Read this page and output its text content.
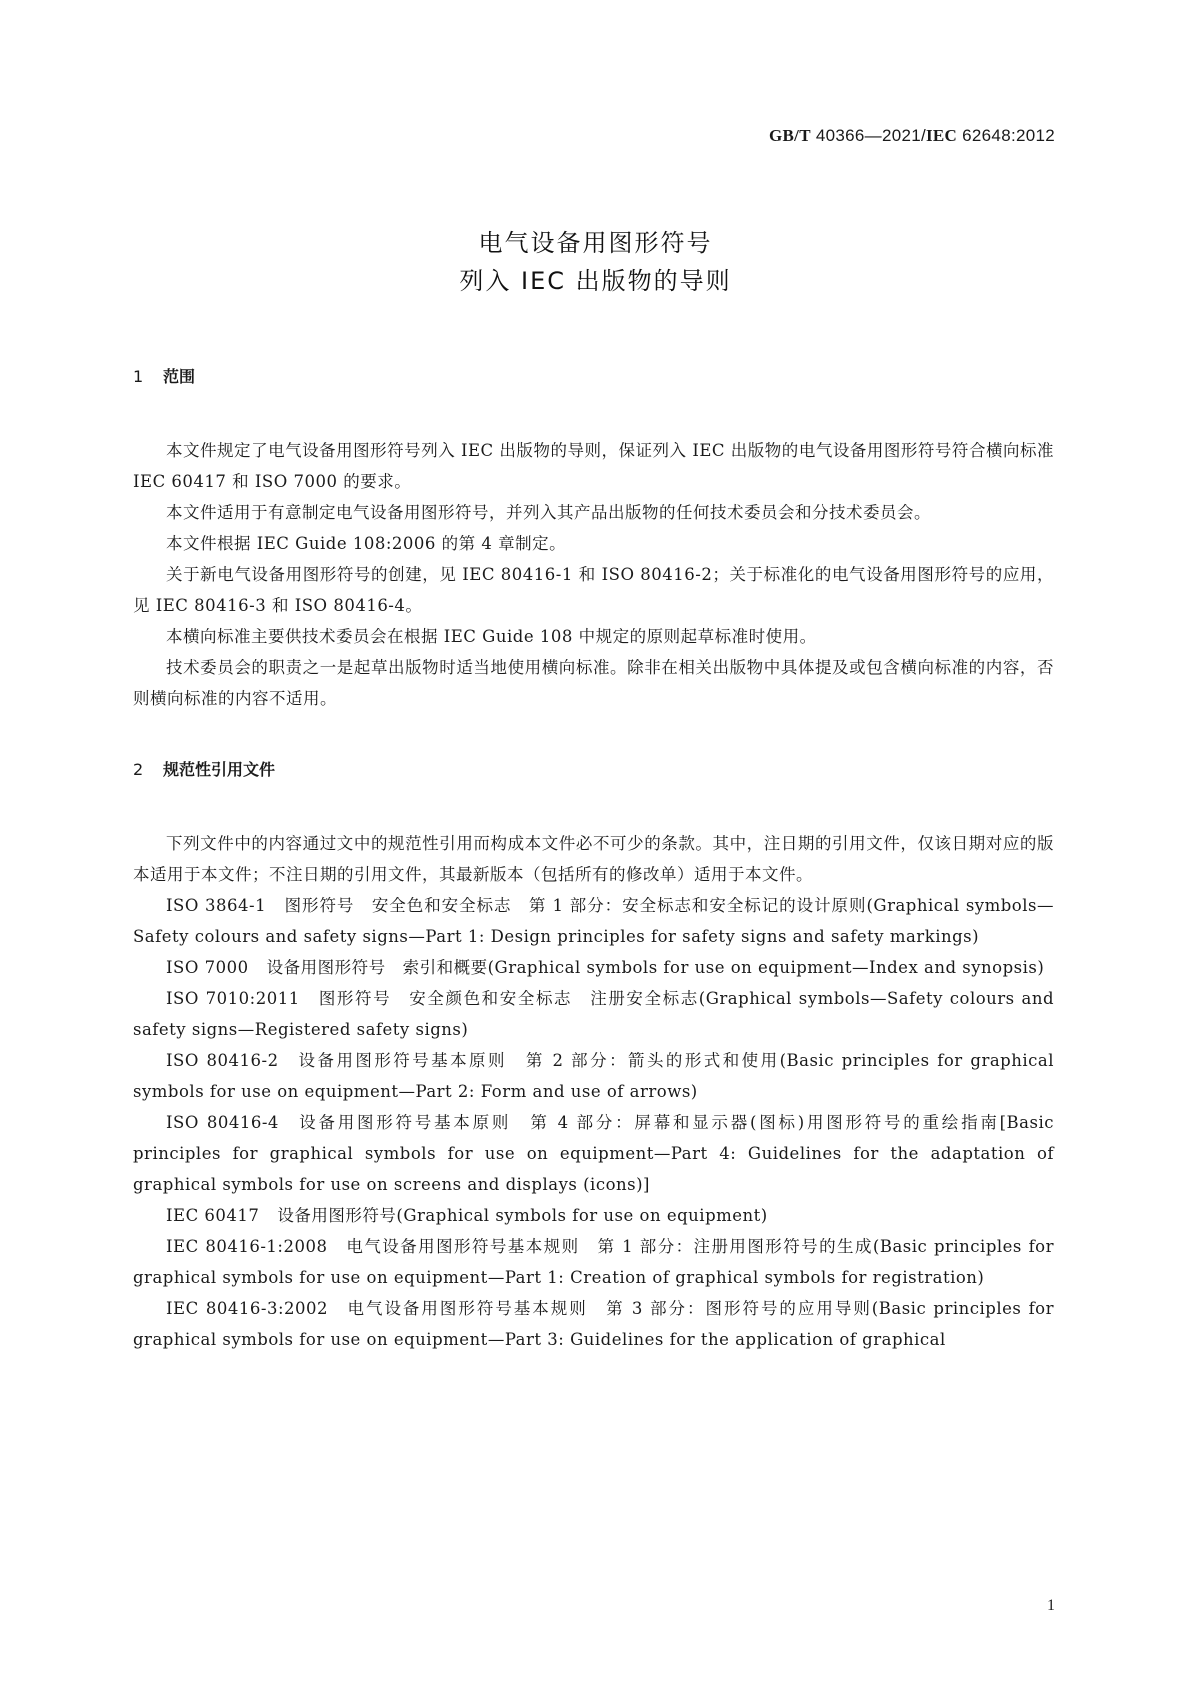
GB/T 40366—2021/IEC 62648:2012
电气设备用图形符号
列入 IEC 出版物的导则
1 范围

本文件规定了电气设备用图形符号列入 IEC 出版物的导则，保证列入 IEC 出版物的电气设备用图形符号符合横向标准 IEC 60417 和 ISO 7000 的要求。

本文件适用于有意制定电气设备用图形符号，并列入其产品出版物的任何技术委员会和分技术委员会。

本文件根据 IEC Guide 108:2006 的第 4 章制定。

关于新电气设备用图形符号的创建，见 IEC 80416-1 和 ISO 80416-2；关于标准化的电气设备用图形符号的应用，见 IEC 80416-3 和 ISO 80416-4。

本横向标准主要供技术委员会在根据 IEC Guide 108 中规定的原则起草标准时使用。

技术委员会的职责之一是起草出版物时适当地使用横向标准。除非在相关出版物中具体提及或包含横向标准的内容，否则横向标准的内容不适用。

2 规范性引用文件

下列文件中的内容通过文中的规范性引用而构成本文件必不可少的条款。其中，注日期的引用文件，仅该日期对应的版本适用于本文件；不注日期的引用文件，其最新版本（包括所有的修改单）适用于本文件。

ISO 3864-1 图形符号　安全色和安全标志　第 1 部分：安全标志和安全标记的设计原则(Graphical symbols—Safety colours and safety signs—Part 1: Design principles for safety signs and safety markings)

ISO 7000 设备用图形符号　索引和概要(Graphical symbols for use on equipment—Index and synopsis)

ISO 7010:2011 图形符号　安全颜色和安全标志　注册安全标志(Graphical symbols—Safety colours and safety signs—Registered safety signs)

ISO 80416-2 设备用图形符号基本原则　第 2 部分：箭头的形式和使用(Basic principles for graphical symbols for use on equipment—Part 2: Form and use of arrows)

ISO 80416-4 设备用图形符号基本原则　第 4 部分：屏幕和显示器(图标)用图形符号的重绘指南[Basic principles for graphical symbols for use on equipment—Part 4: Guidelines for the adaptation of graphical symbols for use on screens and displays (icons)]

IEC 60417 设备用图形符号(Graphical symbols for use on equipment)

IEC 80416-1:2008 电气设备用图形符号基本规则　第 1 部分：注册用图形符号的生成(Basic principles for graphical symbols for use on equipment—Part 1: Creation of graphical symbols for registration)

IEC 80416-3:2002 电气设备用图形符号基本规则　第 3 部分：图形符号的应用导则(Basic principles for graphical symbols for use on equipment—Part 3: Guidelines for the application of graphical

1
